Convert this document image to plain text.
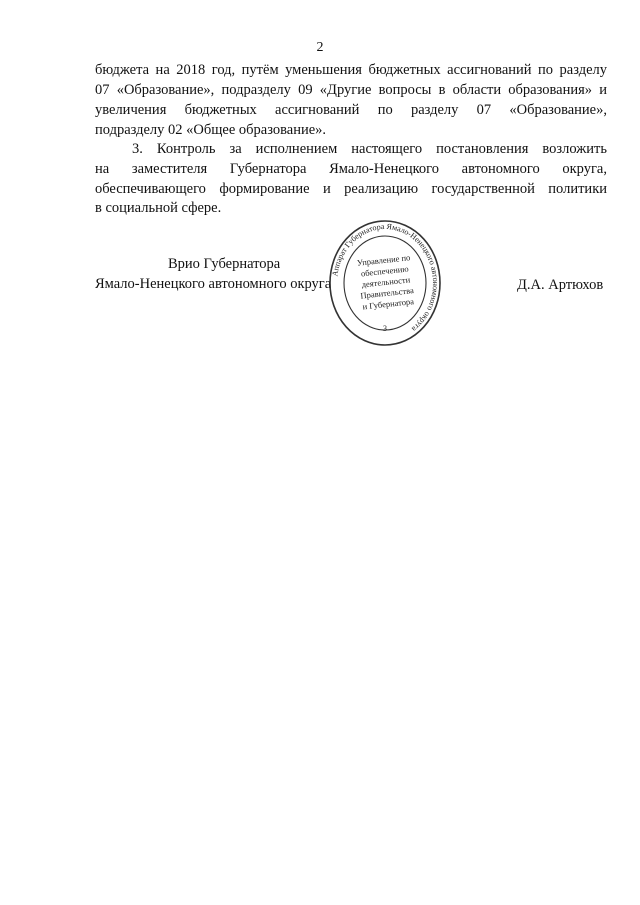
2
бюджета на 2018 год, путём уменьшения бюджетных ассигнований по разделу
07 «Образование», подразделу 09 «Другие вопросы в области образования» и
увеличения бюджетных ассигнований по разделу 07 «Образование»,
подразделу 02 «Общее образование».
3. Контроль за исполнением настоящего постановления возложить
на заместителя Губернатора Ямало-Ненецкого автономного округа,
обеспечивающего формирование и реализацию государственной политики
в социальной сфере.
Врио Губернатора
Ямало-Ненецкого автономного округа	Д.А. Артюхов
Аппарат Губернатора Ямало-Ненецкого автономного округа
3
Управление по
обеспечению
деятельности
Правительства
и Губернатора
